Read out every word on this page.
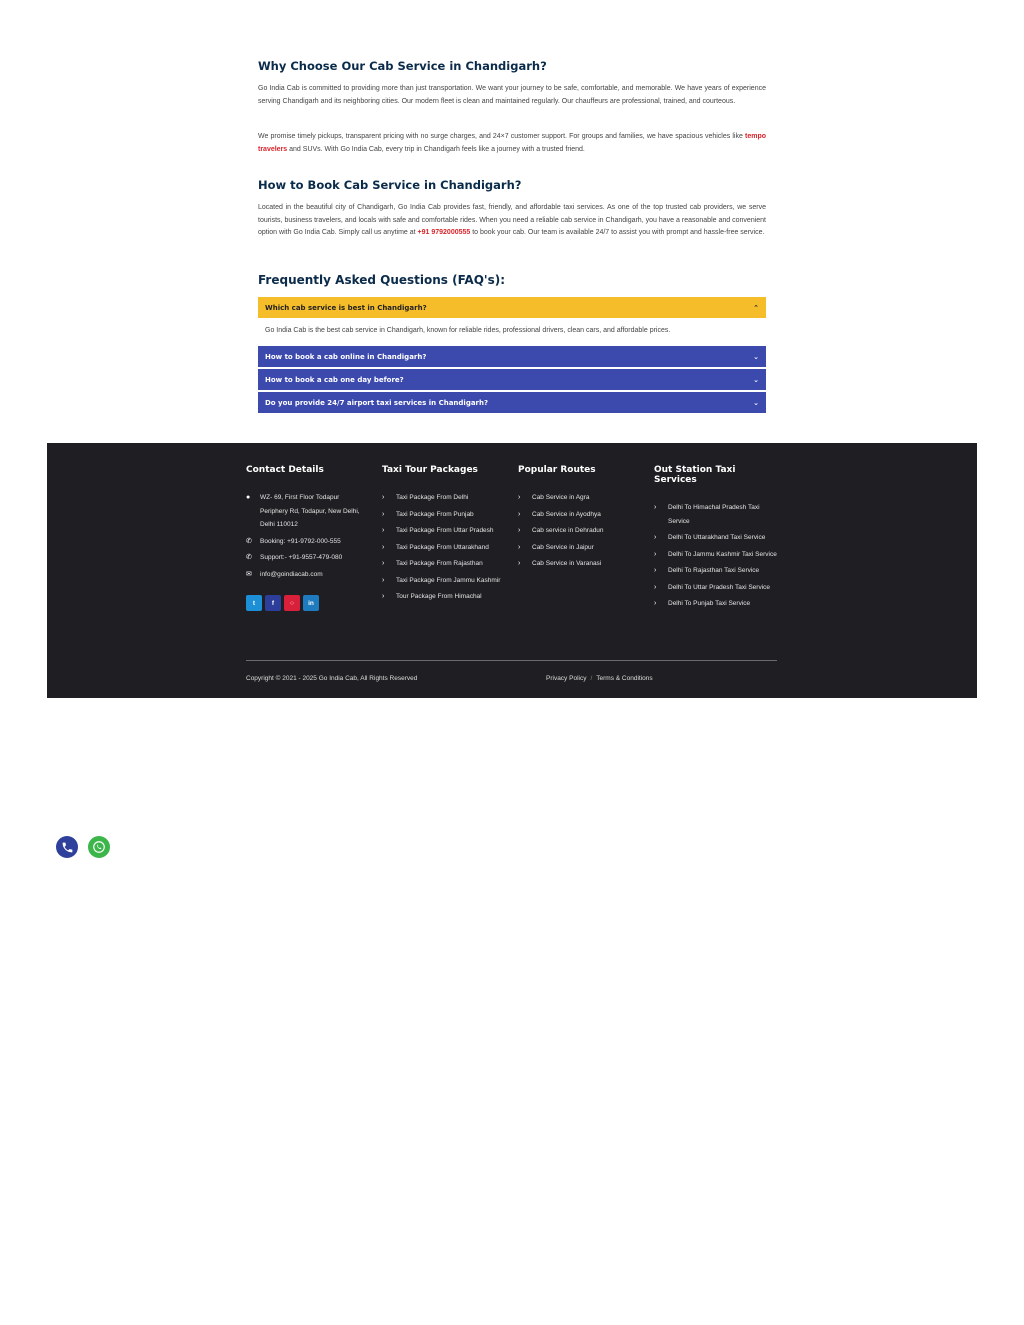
Why Choose Our Cab Service in Chandigarh?

Go India Cab is committed to providing more than just transportation. We want your journey to be safe, comfortable, and memorable. We have years of experience serving Chandigarh and its neighboring cities. Our modern fleet is clean and maintained regularly. Our chauffeurs are professional, trained, and courteous.

We promise timely pickups, transparent pricing with no surge charges, and 24×7 customer support. For groups and families, we have spacious vehicles like tempo travelers and SUVs. With Go India Cab, every trip in Chandigarh feels like a journey with a trusted friend.

How to Book Cab Service in Chandigarh?

Located in the beautiful city of Chandigarh, Go India Cab provides fast, friendly, and affordable taxi services. As one of the top trusted cab providers, we serve tourists, business travelers, and locals with safe and comfortable rides. When you need a reliable cab service in Chandigarh, you have a reasonable and convenient option with Go India Cab. Simply call us anytime at +91 9792000555 to book your cab. Our team is available 24/7 to assist you with prompt and hassle-free service.

Frequently Asked Questions (FAQ's):
Which cab service is best in Chandigarh?	⌃
Go India Cab is the best cab service in Chandigarh, known for reliable rides, professional drivers, clean cars, and affordable prices.
How to book a cab online in Chandigarh?	⌄
How to book a cab one day before?	⌄
Do you provide 24/7 airport taxi services in Chandigarh?	⌄
Contact Details
●	WZ- 69, First Floor Todapur Periphery Rd, Todapur, New Delhi, Delhi 110012
✆	Booking: +91-9792-000-555
✆	Support:- +91-9557-479-080
✉	info@goindiacab.com
t	f	○	in
Taxi Tour Packages
›	Taxi Package From Delhi
›	Taxi Package From Punjab
›	Taxi Package From Uttar Pradesh
›	Taxi Package From Uttarakhand
›	Taxi Package From Rajasthan
›	Taxi Package From Jammu Kashmir
›	Tour Package From Himachal
Popular Routes
›	Cab Service in Agra
›	Cab Service in Ayodhya
›	Cab service in Dehradun
›	Cab Service in Jaipur
›	Cab Service in Varanasi
Out Station Taxi Services
›	Delhi To Himachal Pradesh Taxi Service
›	Delhi To Uttarakhand Taxi Service
›	Delhi To Jammu Kashmir Taxi Service
›	Delhi To Rajasthan Taxi Service
›	Delhi To Uttar Pradesh Taxi Service
›	Delhi To Punjab Taxi Service
Copyright © 2021 - 2025 Go India Cab, All Rights Reserved	Privacy Policy / Terms & Conditions
